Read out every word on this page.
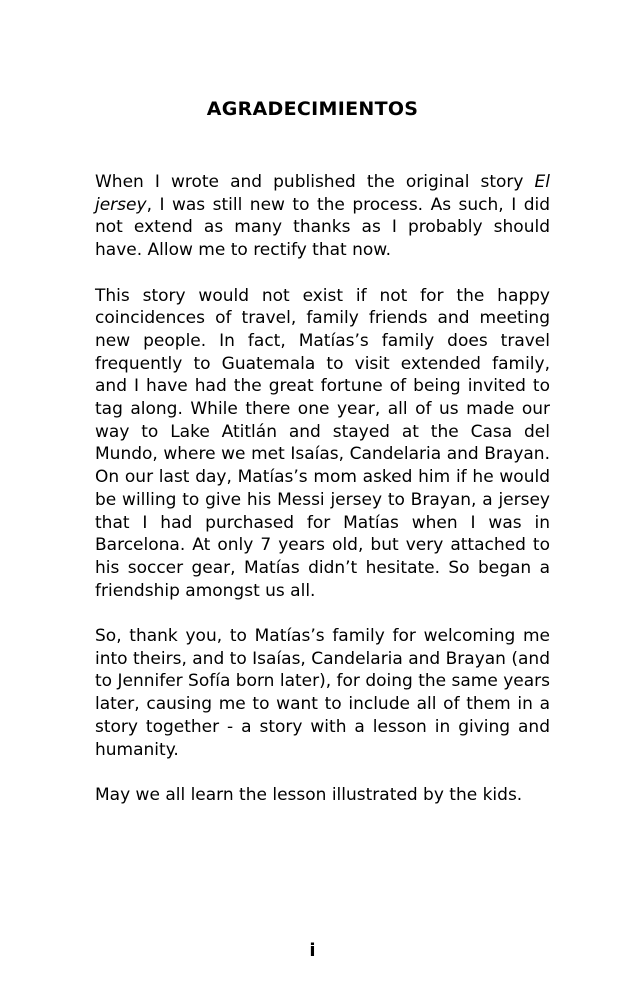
AGRADECIMIENTOS

When I wrote and published the original story El jersey, I was still new to the process. As such, I did not extend as many thanks as I probably should have. Allow me to rectify that now.

This story would not exist if not for the happy coincidences of travel, family friends and meeting new people. In fact, Matías’s family does travel frequently to Guatemala to visit extended family, and I have had the great fortune of being invited to tag along. While there one year, all of us made our way to Lake Atitlán and stayed at the Casa del Mundo, where we met Isaías, Candelaria and Brayan. On our last day, Matías’s mom asked him if he would be willing to give his Messi jersey to Brayan, a jersey that I had purchased for Matías when I was in Barcelona. At only 7 years old, but very attached to his soccer gear, Matías didn’t hesitate. So began a friendship amongst us all.

So, thank you, to Matías’s family for welcoming me into theirs, and to Isaías, Candelaria and Brayan (and to Jennifer Sofía born later), for doing the same years later, causing me to want to include all of them in a story together - a story with a lesson in giving and humanity.

May we all learn the lesson illustrated by the kids.

i
